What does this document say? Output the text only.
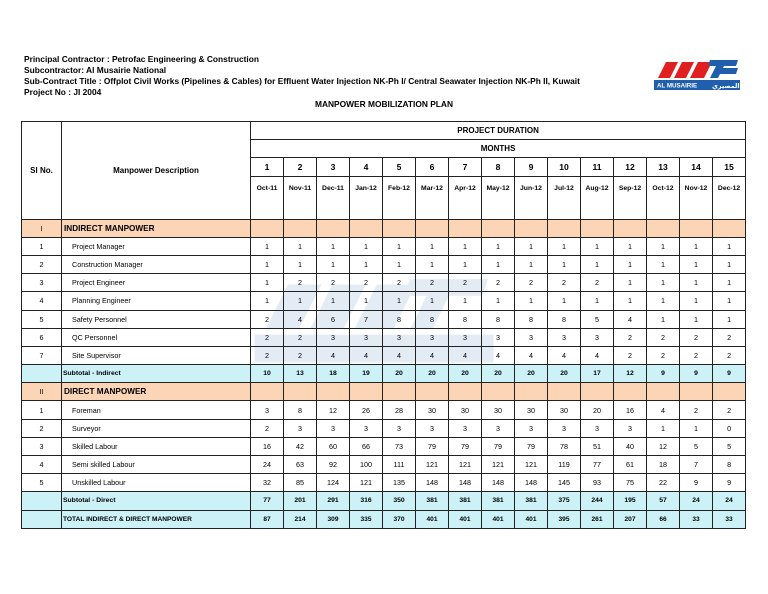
Principal Contractor : Petrofac Engineering & Construction
Subcontractor: Al Musairie National
Sub-Contract Title : Offplot Civil Works (Pipelines & Cables) for Effluent Water Injection NK-Ph I/ Central Seawater Injection NK-Ph II, Kuwait
Project No : JI 2004
AL MUSAIRIE المصيري
MANPOWER MOBILIZATION PLAN
Sl No.	Manpower Description	PROJECT DURATION														
		MONTHS														
		1	2	3	4	5	6	7	8	9	10	11	12	13	14	15
		Oct-11	Nov-11	Dec-11	Jan-12	Feb-12	Mar-12	Apr-12	May-12	Jun-12	Jul-12	Aug-12	Sep-12	Oct-12	Nov-12	Dec-12
I	INDIRECT MANPOWER															
1	Project Manager	1	1	1	1	1	1	1	1	1	1	1	1	1	1	1
2	Construction Manager	1	1	1	1	1	1	1	1	1	1	1	1	1	1	1
3	Project Engineer	1	2	2	2	2	2	2	2	2	2	2	1	1	1	1
4	Planning Engineer	1	1	1	1	1	1	1	1	1	1	1	1	1	1	1
5	Safety Personnel	2	4	6	7	8	8	8	8	8	8	5	4	1	1	1
6	QC Personnel	2	2	3	3	3	3	3	3	3	3	3	2	2	2	2
7	Site Supervisor	2	2	4	4	4	4	4	4	4	4	4	2	2	2	2
	Subtotal - Indirect	10	13	18	19	20	20	20	20	20	20	17	12	9	9	9
II	DIRECT MANPOWER															
1	Foreman	3	8	12	26	28	30	30	30	30	30	20	16	4	2	2
2	Surveyor	2	3	3	3	3	3	3	3	3	3	3	3	1	1	0
3	Skilled Labour	16	42	60	66	73	79	79	79	79	78	51	40	12	5	5
4	Semi skilled Labour	24	63	92	100	111	121	121	121	121	119	77	61	18	7	8
5	Unskilled Labour	32	85	124	121	135	148	148	148	148	145	93	75	22	9	9
	Subtotal - Direct	77	201	291	316	350	381	381	381	381	375	244	195	57	24	24
	TOTAL INDIRECT & DIRECT MANPOWER	87	214	309	335	370	401	401	401	401	395	261	207	66	33	33
